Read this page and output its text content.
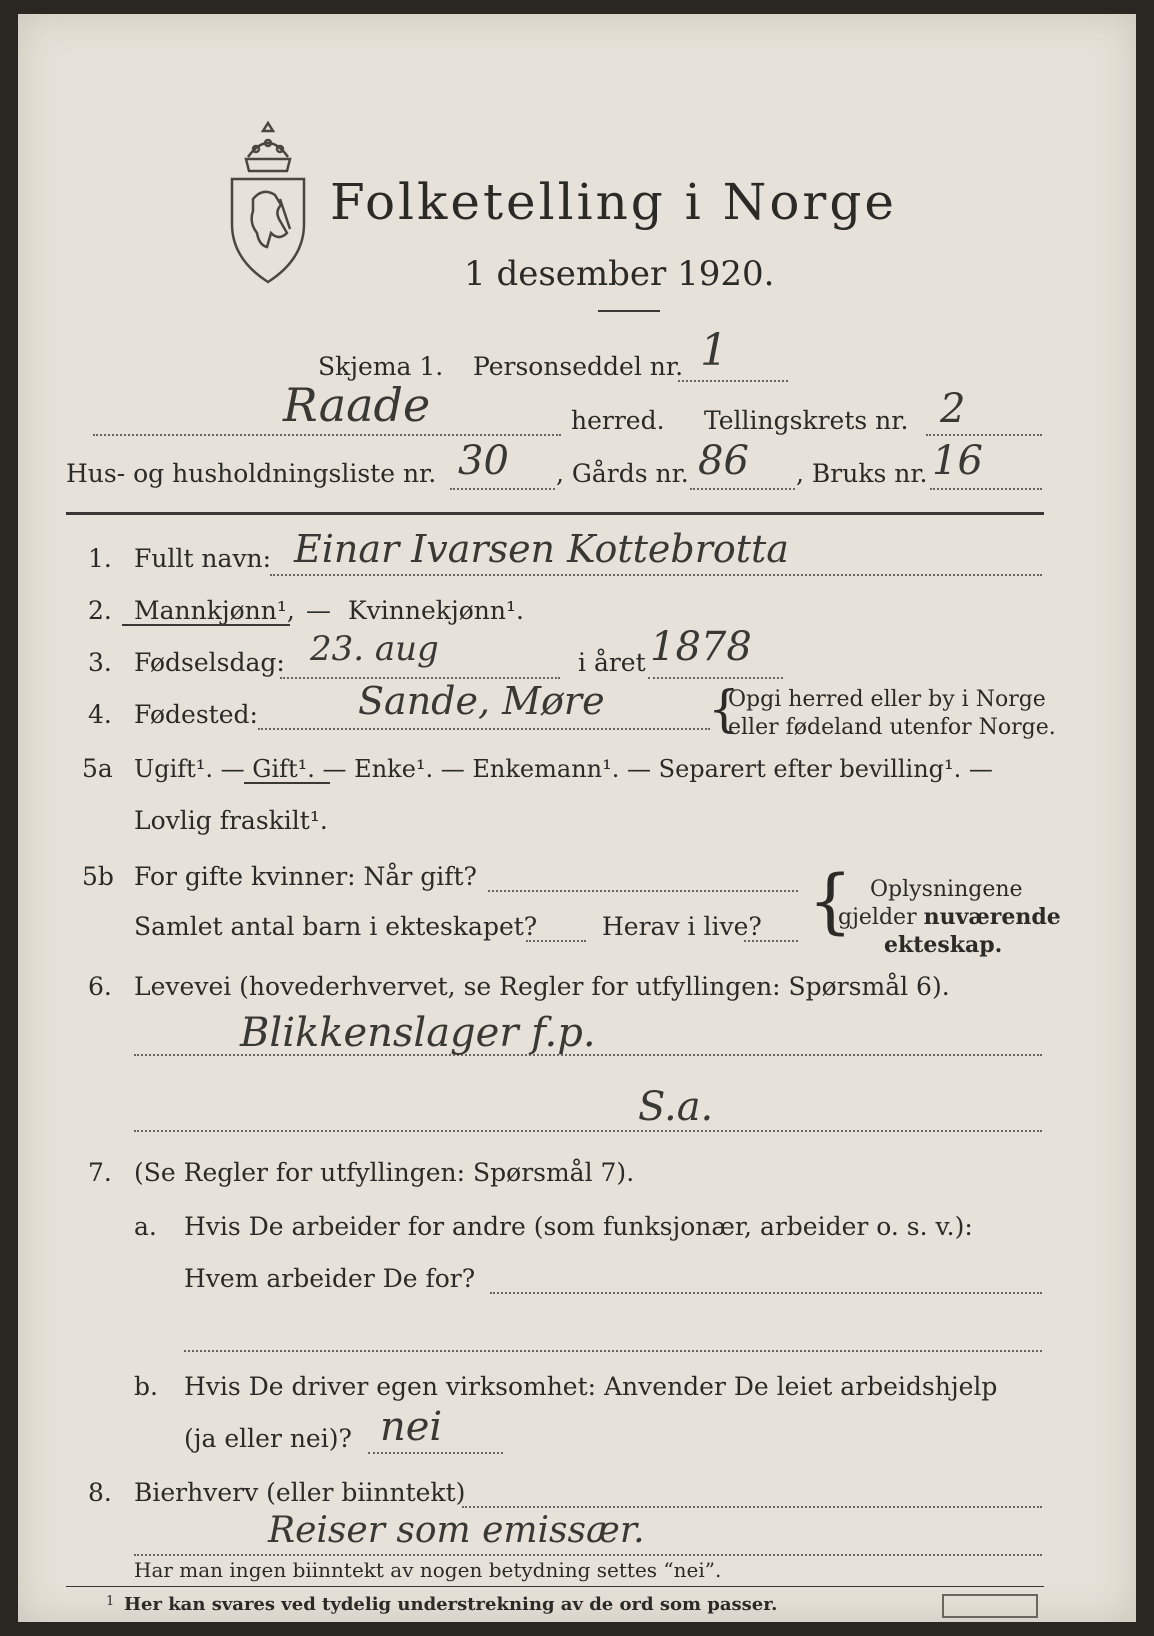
Folketelling i Norge
1 desember 1920.
Skjema 1. Personseddel nr. 1
Raade	herred. Tellingskrets nr. 2
Hus- og husholdningsliste nr. 30 , Gårds nr. 86 , Bruks nr. 16
1. Fullt navn: Einar Ivarsen Kottebrotta
2. Mannkjønn¹, — Kvinnekjønn¹.
3. Fødselsdag: 23. aug	i året 1878
4. Fødested:	Sande, Møre {
Opgi herred eller by i Norge
eller fødeland utenfor Norge.
5a Ugift¹. — Gift¹. — Enke¹. — Enkemann¹. — Separert efter bevilling¹. —
Lovlig fraskilt¹.
5b For gifte kvinner: Når gift?
Samlet antal barn i ekteskapet?	Herav i live? { Oplysningene
gjelder nuværende
ekteskap.
6. Levevei (hovederhvervet, se Regler for utfyllingen: Spørsmål 6).
Blikkenslager f.p.
S.a.
7. (Se Regler for utfyllingen: Spørsmål 7).
a. Hvis De arbeider for andre (som funksjonær, arbeider o. s. v.):
Hvem arbeider De for?
b. Hvis De driver egen virksomhet: Anvender De leiet arbeidshjelp
(ja eller nei)? nei
8. Bierhverv (eller biinntekt)
Reiser som emissær.
Har man ingen biinntekt av nogen betydning settes “nei”.
1 Her kan svares ved tydelig understrekning av de ord som passer.
